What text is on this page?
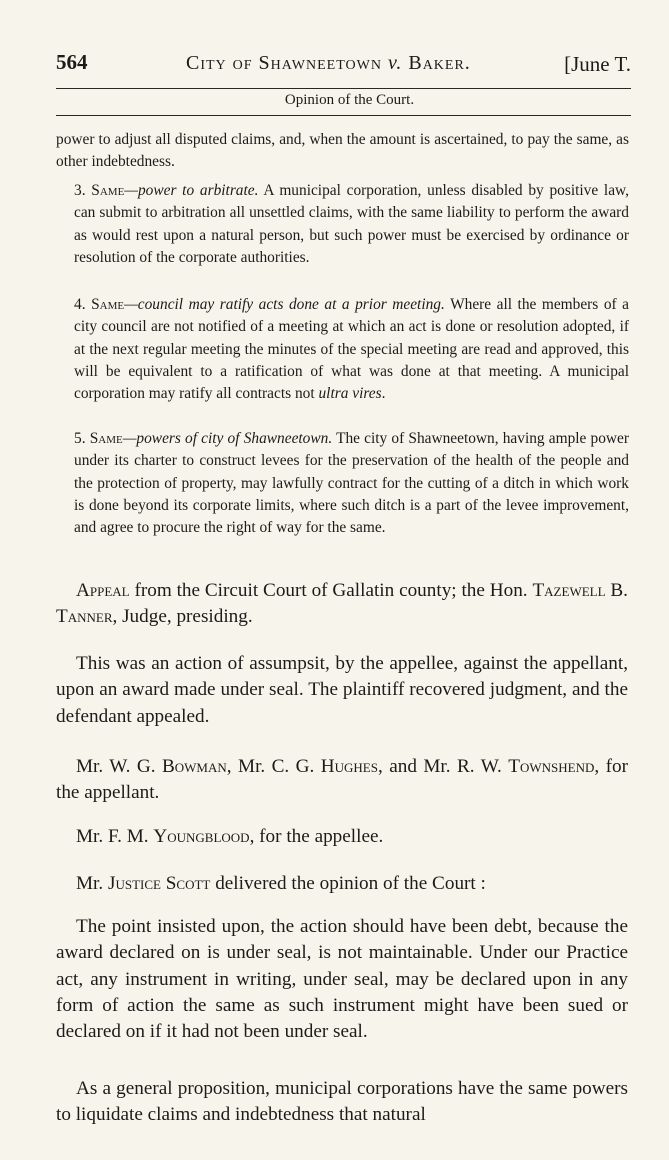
564	City of Shawneetown v. Baker.	[June T.
Opinion of the Court.
power to adjust all disputed claims, and, when the amount is ascertained, to pay the same, as other indebtedness.
3. Same—power to arbitrate. A municipal corporation, unless disabled by positive law, can submit to arbitration all unsettled claims, with the same liability to perform the award as would rest upon a natural person, but such power must be exercised by ordinance or resolution of the corporate authorities.
4. Same—council may ratify acts done at a prior meeting. Where all the members of a city council are not notified of a meeting at which an act is done or resolution adopted, if at the next regular meeting the minutes of the special meeting are read and approved, this will be equivalent to a ratification of what was done at that meeting. A municipal corporation may ratify all contracts not ultra vires.
5. Same—powers of city of Shawneetown. The city of Shawneetown, having ample power under its charter to construct levees for the preservation of the health of the people and the protection of property, may lawfully contract for the cutting of a ditch in which work is done beyond its corporate limits, where such ditch is a part of the levee improvement, and agree to procure the right of way for the same.
Appeal from the Circuit Court of Gallatin county; the Hon. Tazewell B. Tanner, Judge, presiding.
This was an action of assumpsit, by the appellee, against the appellant, upon an award made under seal. The plaintiff recovered judgment, and the defendant appealed.
Mr. W. G. Bowman, Mr. C. G. Hughes, and Mr. R. W. Townshend, for the appellant.
Mr. F. M. Youngblood, for the appellee.
Mr. Justice Scott delivered the opinion of the Court :
The point insisted upon, the action should have been debt, because the award declared on is under seal, is not maintainable. Under our Practice act, any instrument in writing, under seal, may be declared upon in any form of action the same as such instrument might have been sued or declared on if it had not been under seal.
As a general proposition, municipal corporations have the same powers to liquidate claims and indebtedness that natural
